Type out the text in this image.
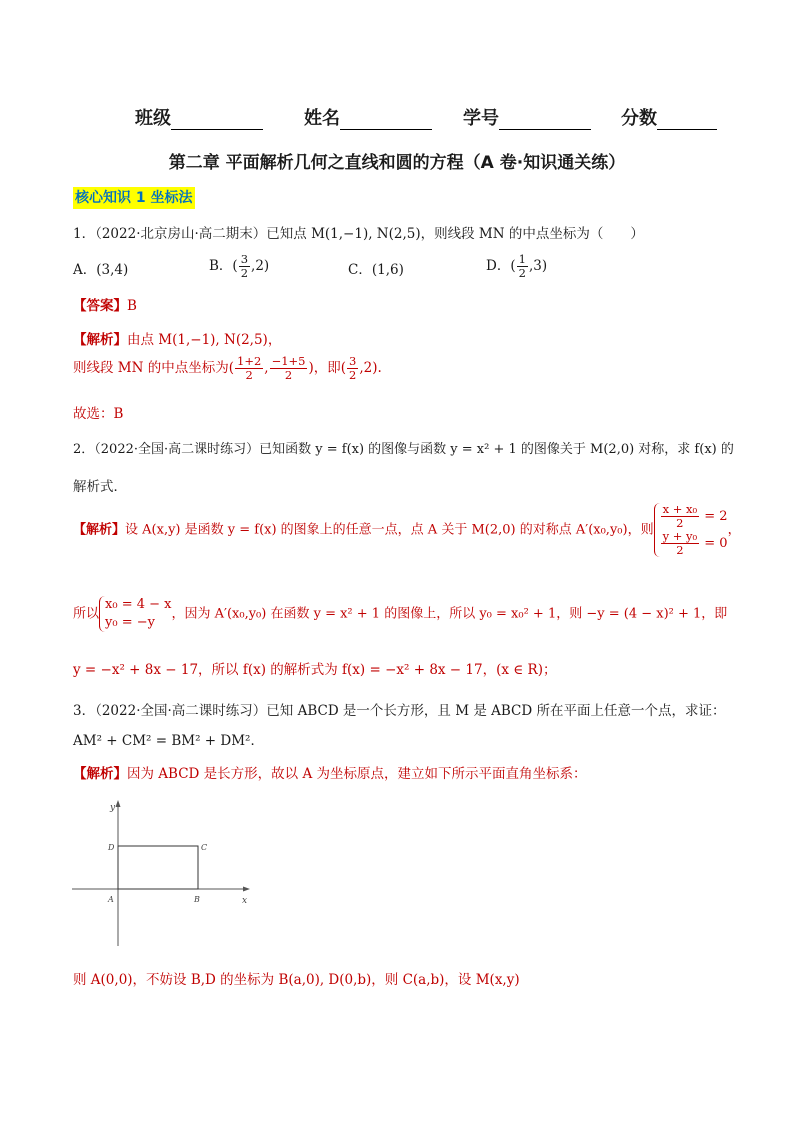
班级	姓名	学号	分数
第二章 平面解析几何之直线和圆的方程（A 卷·知识通关练）
核心知识 1 坐标法
1．（2022·北京房山·高二期末）已知点 M(1,−1), N(2,5)，则线段 MN 的中点坐标为（　　）
A．(3,4)	B．( $\frac{3}{2} ,2$)	C．(1,6)	D．( $\frac{1}{2} ,3$)
【答案】B
【解析】由点 M(1,−1), N(2,5)，
则线段 MN 的中点坐标为( $\frac{1+2}{2}$ , $\frac{-1+5}{2}$ )，即( $\frac{3}{2} ,2$).
故选：B
2．（2022·全国·高二课时练习）已知函数 y = f(x) 的图像与函数 y = x² + 1 的图像关于 M(2,0) 对称，求 f(x) 的
解析式．
【解析】设 A(x,y) 是函数 y = f(x) 的图象上的任意一点，点 A 关于 M(2,0) 的对称点 A′(x₀,y₀)，则 $\frac{\text{x + x₀}}{2} = 2$
$\frac{\text{y + y₀}}{2} = 0$
，
所以
x₀ = 4 − x
y₀ = −y
，因为 A′(x₀,y₀) 在函数 y = x² + 1 的图像上，所以 y₀ = x₀² + 1，则 −y = (4 − x)² + 1，即
y = −x² + 8x − 17，所以 f(x) 的解析式为 f(x) = −x² + 8x − 17，(x ∈ R)；
3．（2022·全国·高二课时练习）已知 ABCD 是一个长方形，且 M 是 ABCD 所在平面上任意一个点，求证：
AM² + CM² = BM² + DM²．
【解析】因为 ABCD 是长方形，故以 A 为坐标原点，建立如下所示平面直角坐标系：
y
x
A	B
C
D
则 A(0,0)，不妨设 B,D 的坐标为 B(a,0), D(0,b)，则 C(a,b)，设 M(x,y)
